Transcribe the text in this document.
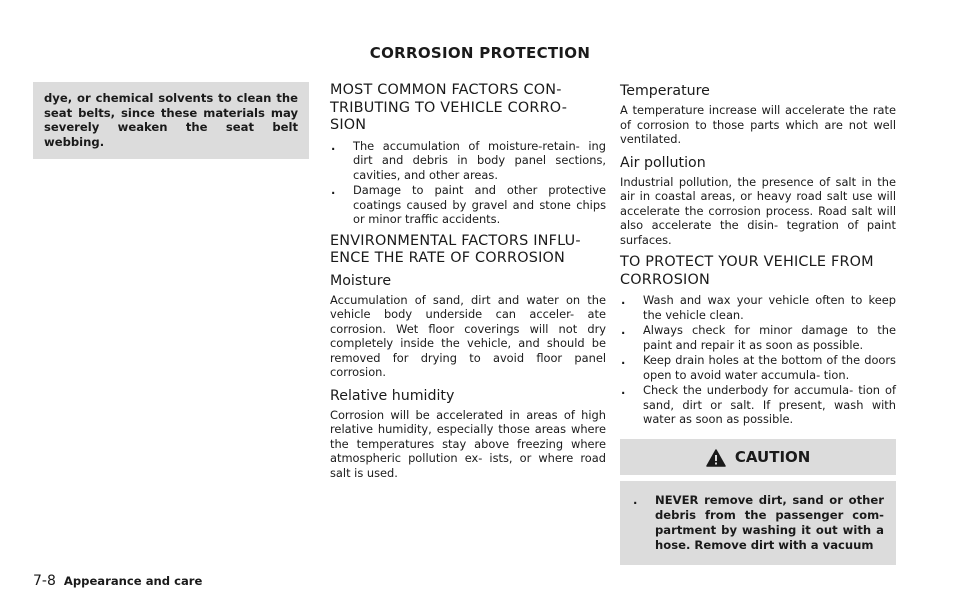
CORROSION PROTECTION
dye, or chemical solvents to clean the seat belts, since these materials may severely weaken the seat belt webbing.
MOST COMMON FACTORS CON- TRIBUTING TO VEHICLE CORRO- SION
. The accumulation of moisture-retain- ing dirt and debris in body panel sections, cavities, and other areas.
. Damage to paint and other protective coatings caused by gravel and stone chips or minor traffic accidents.
ENVIRONMENTAL FACTORS INFLU- ENCE THE RATE OF CORROSION
Moisture

Accumulation of sand, dirt and water on the vehicle body underside can acceler- ate corrosion. Wet floor coverings will not dry completely inside the vehicle, and should be removed for drying to avoid floor panel corrosion.

Relative humidity

Corrosion will be accelerated in areas of high relative humidity, especially those areas where the temperatures stay above freezing where atmospheric pollution ex- ists, or where road salt is used.

Temperature

A temperature increase will accelerate the rate of corrosion to those parts which are not well ventilated.

Air pollution

Industrial pollution, the presence of salt in the air in coastal areas, or heavy road salt use will accelerate the corrosion process. Road salt will also accelerate the disin- tegration of paint surfaces.

TO PROTECT YOUR VEHICLE FROM CORROSION
. Wash and wax your vehicle often to keep the vehicle clean.
. Always check for minor damage to the paint and repair it as soon as possible.
. Keep drain holes at the bottom of the doors open to avoid water accumula- tion.
. Check the underbody for accumula- tion of sand, dirt or salt. If present, wash with water as soon as possible.
CAUTION
. NEVER remove dirt, sand or other debris from the passenger com- partment by washing it out with a hose. Remove dirt with a vacuum
7-8 Appearance and care
